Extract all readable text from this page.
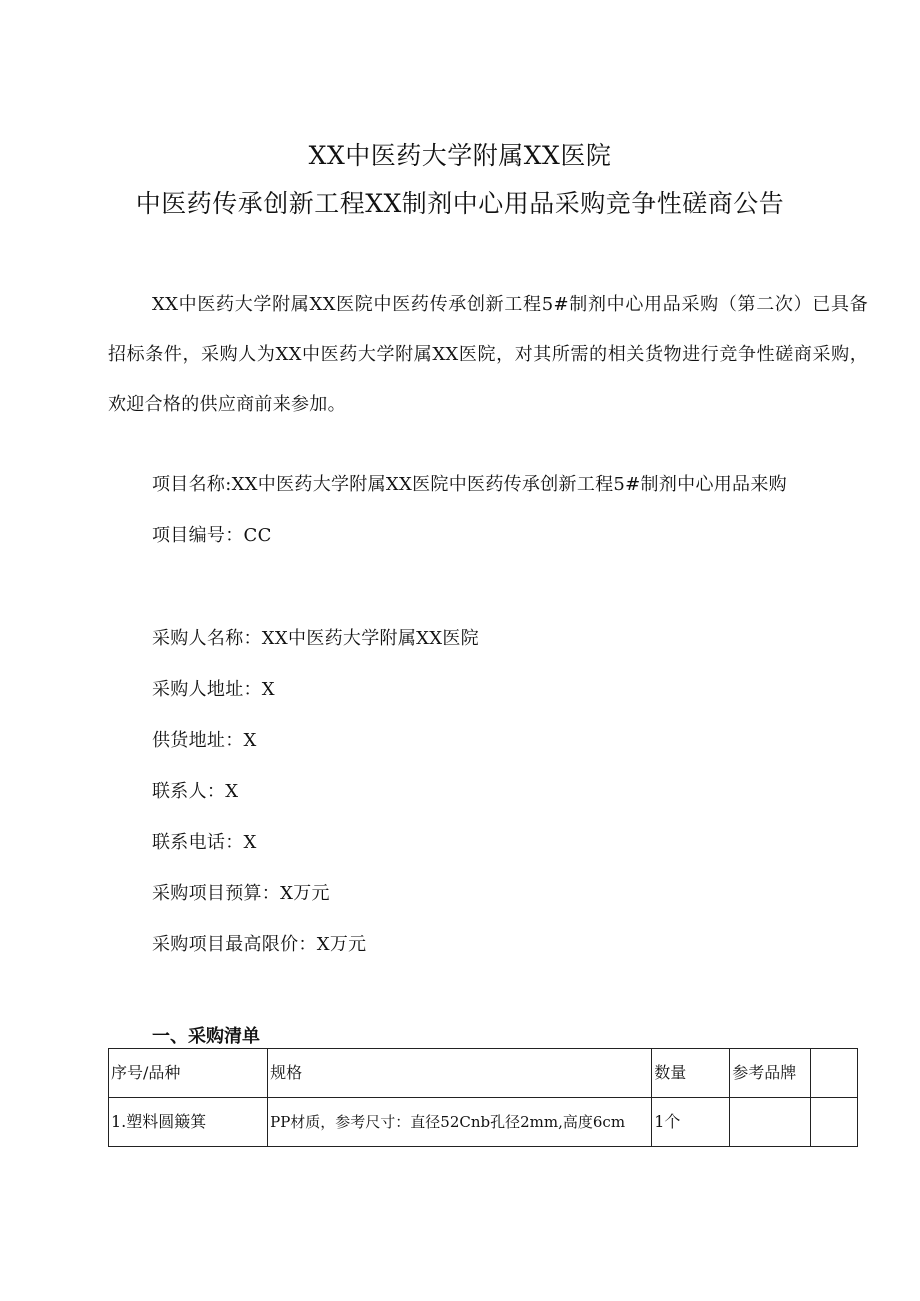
XX中医药大学附属XX医院
中医药传承创新工程XX制剂中心用品采购竞争性磋商公告
XX中医药大学附属XX医院中医药传承创新工程5#制剂中心用品采购（第二次）已具备招标条件，采购人为XX中医药大学附属XX医院，对其所需的相关货物进行竞争性磋商采购，欢迎合格的供应商前来参加。
项目名称:XX中医药大学附属XX医院中医药传承创新工程5#制剂中心用品来购
项目编号：CC
采购人名称：XX中医药大学附属XX医院
采购人地址：X
供货地址：X
联系人：X
联系电话：X
采购项目预算：X万元
采购项目最高限价：X万元
一、采购清单
序号/品种	规格	数量	参考品牌	
1.塑料圆簸箕	PP材质，参考尺寸：直径52Cnb孔径2mm,高度6cm	1个		
